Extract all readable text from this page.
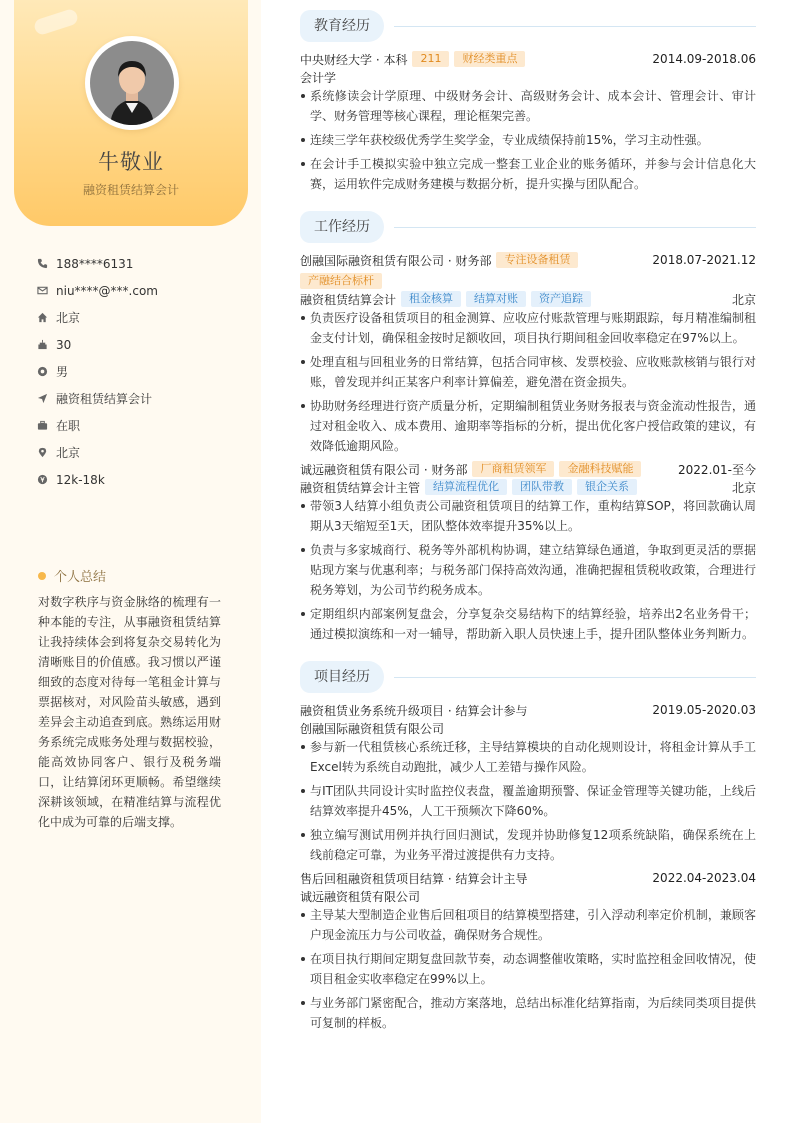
牛敬业
融资租赁结算会计
188****6131
niu****@***.com
北京
30
男
融资租赁结算会计
在职
北京
12k-18k
个人总结
对数字秩序与资金脉络的梳理有一种本能的专注，从事融资租赁结算让我持续体会到将复杂交易转化为清晰账目的价值感。我习惯以严谨细致的态度对待每一笔租金计算与票据核对，对风险苗头敏感，遇到差异会主动追查到底。熟练运用财务系统完成账务处理与数据校验，能高效协同客户、银行及税务端口，让结算闭环更顺畅。希望继续深耕该领域，在精准结算与流程优化中成为可靠的后端支撑。
教育经历
中央财经大学 · 本科	211	财经类重点	2014.09-2018.06
会计学
系统修读会计学原理、中级财务会计、高级财务会计、成本会计、管理会计、审计学、财务管理等核心课程，理论框架完善。
连续三学年获校级优秀学生奖学金，专业成绩保持前15%，学习主动性强。
在会计手工模拟实验中独立完成一整套工业企业的账务循环，并参与会计信息化大赛，运用软件完成财务建模与数据分析，提升实操与团队配合。
工作经历
创融国际融资租赁有限公司 · 财务部	专注设备租赁	2018.07-2021.12
产融结合标杆
融资租赁结算会计	租金核算	结算对账	资产追踪	北京
负责医疗设备租赁项目的租金测算、应收应付账款管理与账期跟踪，每月精准编制租金支付计划，确保租金按时足额收回，项目执行期间租金回收率稳定在97%以上。
处理直租与回租业务的日常结算，包括合同审核、发票校验、应收账款核销与银行对账，曾发现并纠正某客户利率计算偏差，避免潜在资金损失。
协助财务经理进行资产质量分析，定期编制租赁业务财务报表与资金流动性报告，通过对租金收入、成本费用、逾期率等指标的分析，提出优化客户授信政策的建议，有效降低逾期风险。
诚远融资租赁有限公司 · 财务部	厂商租赁领军	金融科技赋能	2022.01-至今
融资租赁结算会计主管	结算流程优化	团队带教	银企关系	北京
带领3人结算小组负责公司融资租赁项目的结算工作，重构结算SOP，将回款确认周期从3天缩短至1天，团队整体效率提升35%以上。
负责与多家城商行、税务等外部机构协调，建立结算绿色通道，争取到更灵活的票据贴现方案与优惠利率；与税务部门保持高效沟通，准确把握租赁税收政策，合理进行税务筹划，为公司节约税务成本。
定期组织内部案例复盘会，分享复杂交易结构下的结算经验，培养出2名业务骨干；通过模拟演练和一对一辅导，帮助新入职人员快速上手，提升团队整体业务判断力。
项目经历
融资租赁业务系统升级项目 · 结算会计参与	2019.05-2020.03
创融国际融资租赁有限公司
参与新一代租赁核心系统迁移，主导结算模块的自动化规则设计，将租金计算从手工Excel转为系统自动跑批，减少人工差错与操作风险。
与IT团队共同设计实时监控仪表盘，覆盖逾期预警、保证金管理等关键功能，上线后结算效率提升45%，人工干预频次下降60%。
独立编写测试用例并执行回归测试，发现并协助修复12项系统缺陷，确保系统在上线前稳定可靠，为业务平滑过渡提供有力支持。
售后回租融资租赁项目结算 · 结算会计主导	2022.04-2023.04
诚远融资租赁有限公司
主导某大型制造企业售后回租项目的结算模型搭建，引入浮动利率定价机制，兼顾客户现金流压力与公司收益，确保财务合规性。
在项目执行期间定期复盘回款节奏，动态调整催收策略，实时监控租金回收情况，使项目租金实收率稳定在99%以上。
与业务部门紧密配合，推动方案落地，总结出标准化结算指南，为后续同类项目提供可复制的样板。
